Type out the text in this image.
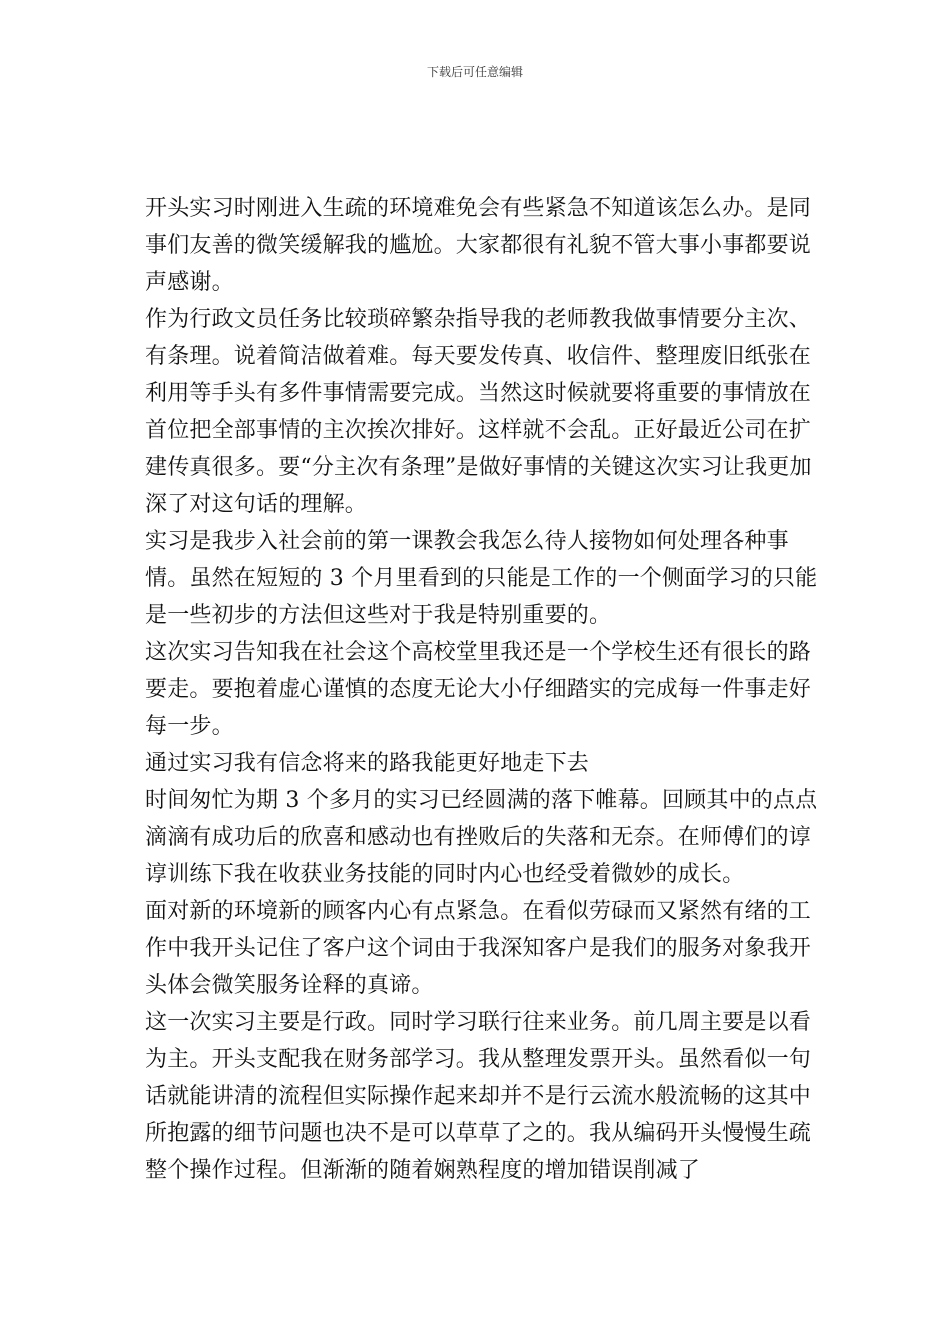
下载后可任意编辑

开头实习时刚进入生疏的环境难免会有些紧急不知道该怎么办。是同事们友善的微笑缓解我的尴尬。大家都很有礼貌不管大事小事都要说声感谢。

作为行政文员任务比较琐碎繁杂指导我的老师教我做事情要分主次、有条理。说着简洁做着难。每天要发传真、收信件、整理废旧纸张在利用等手头有多件事情需要完成。当然这时候就要将重要的事情放在首位把全部事情的主次挨次排好。这样就不会乱。正好最近公司在扩建传真很多。要“分主次有条理”是做好事情的关键这次实习让我更加深了对这句话的理解。

实习是我步入社会前的第一课教会我怎么待人接物如何处理各种事情。虽然在短短的 3 个月里看到的只能是工作的一个侧面学习的只能是一些初步的方法但这些对于我是特别重要的。

这次实习告知我在社会这个高校堂里我还是一个学校生还有很长的路要走。要抱着虚心谨慎的态度无论大小仔细踏实的完成每一件事走好每一步。

通过实习我有信念将来的路我能更好地走下去

时间匆忙为期 3 个多月的实习已经圆满的落下帷幕。回顾其中的点点滴滴有成功后的欣喜和感动也有挫败后的失落和无奈。在师傅们的谆谆训练下我在收获业务技能的同时内心也经受着微妙的成长。

面对新的环境新的顾客内心有点紧急。在看似劳碌而又紧然有绪的工作中我开头记住了客户这个词由于我深知客户是我们的服务对象我开头体会微笑服务诠释的真谛。

这一次实习主要是行政。同时学习联行往来业务。前几周主要是以看为主。开头支配我在财务部学习。我从整理发票开头。虽然看似一句话就能讲清的流程但实际操作起来却并不是行云流水般流畅的这其中所抱露的细节问题也决不是可以草草了之的。我从编码开头慢慢生疏整个操作过程。但渐渐的随着娴熟程度的增加错误削减了
